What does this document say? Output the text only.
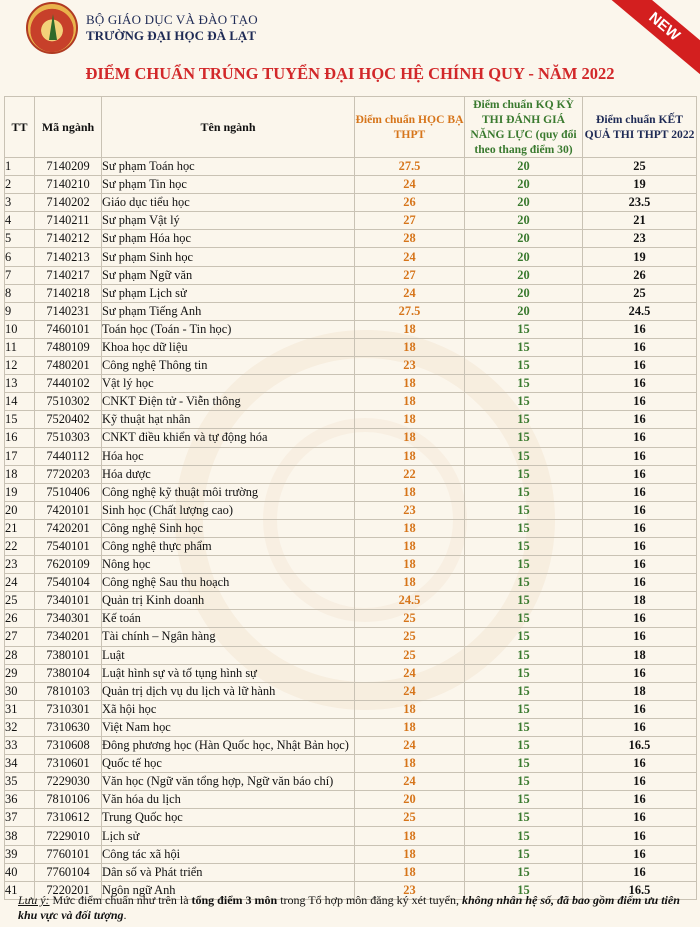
BỘ GIÁO DỤC VÀ ĐÀO TẠO
TRƯỜNG ĐẠI HỌC ĐÀ LẠT	NEW
ĐIỂM CHUẨN TRÚNG TUYỂN ĐẠI HỌC HỆ CHÍNH QUY - NĂM 2022
TT	Mã ngành	Tên ngành	Điểm chuẩn HỌC BẠ THPT	Điểm chuẩn KQ KỲ THI ĐÁNH GIÁ NĂNG LỰC (quy đổi theo thang điểm 30)	Điểm chuẩn KẾT QUẢ THI THPT 2022
1	7140209	Sư phạm Toán học	27.5	20	25
2	7140210	Sư phạm Tin học	24	20	19
3	7140202	Giáo dục tiểu học	26	20	23.5
4	7140211	Sư phạm Vật lý	27	20	21
5	7140212	Sư phạm Hóa học	28	20	23
6	7140213	Sư phạm Sinh học	24	20	19
7	7140217	Sư phạm Ngữ văn	27	20	26
8	7140218	Sư phạm Lịch sử	24	20	25
9	7140231	Sư phạm Tiếng Anh	27.5	20	24.5
10	7460101	Toán học (Toán - Tin học)	18	15	16
11	7480109	Khoa học dữ liệu	18	15	16
12	7480201	Công nghệ Thông tin	23	15	16
13	7440102	Vật lý học	18	15	16
14	7510302	CNKT Điện tử - Viễn thông	18	15	16
15	7520402	Kỹ thuật hạt nhân	18	15	16
16	7510303	CNKT điều khiển và tự động hóa	18	15	16
17	7440112	Hóa học	18	15	16
18	7720203	Hóa dược	22	15	16
19	7510406	Công nghệ kỹ thuật môi trường	18	15	16
20	7420101	Sinh học (Chất lượng cao)	23	15	16
21	7420201	Công nghệ Sinh học	18	15	16
22	7540101	Công nghệ thực phẩm	18	15	16
23	7620109	Nông học	18	15	16
24	7540104	Công nghệ Sau thu hoạch	18	15	16
25	7340101	Quản trị Kinh doanh	24.5	15	18
26	7340301	Kế toán	25	15	16
27	7340201	Tài chính – Ngân hàng	25	15	16
28	7380101	Luật	25	15	18
29	7380104	Luật hình sự và tố tụng hình sự	24	15	16
30	7810103	Quản trị dịch vụ du lịch và lữ hành	24	15	18
31	7310301	Xã hội học	18	15	16
32	7310630	Việt Nam học	18	15	16
33	7310608	Đông phương học (Hàn Quốc học, Nhật Bản học)	24	15	16.5
34	7310601	Quốc tế học	18	15	16
35	7229030	Văn học (Ngữ văn tổng hợp, Ngữ văn báo chí)	24	15	16
36	7810106	Văn hóa du lịch	20	15	16
37	7310612	Trung Quốc học	25	15	16
38	7229010	Lịch sử	18	15	16
39	7760101	Công tác xã hội	18	15	16
40	7760104	Dân số và Phát triển	18	15	16
41	7220201	Ngôn ngữ Anh	23	15	16.5
Lưu ý: Mức điểm chuẩn như trên là tổng điểm 3 môn trong Tổ hợp môn đăng ký xét tuyển, không nhân hệ số, đã bao gồm điểm ưu tiên
khu vực và đối tượng.
